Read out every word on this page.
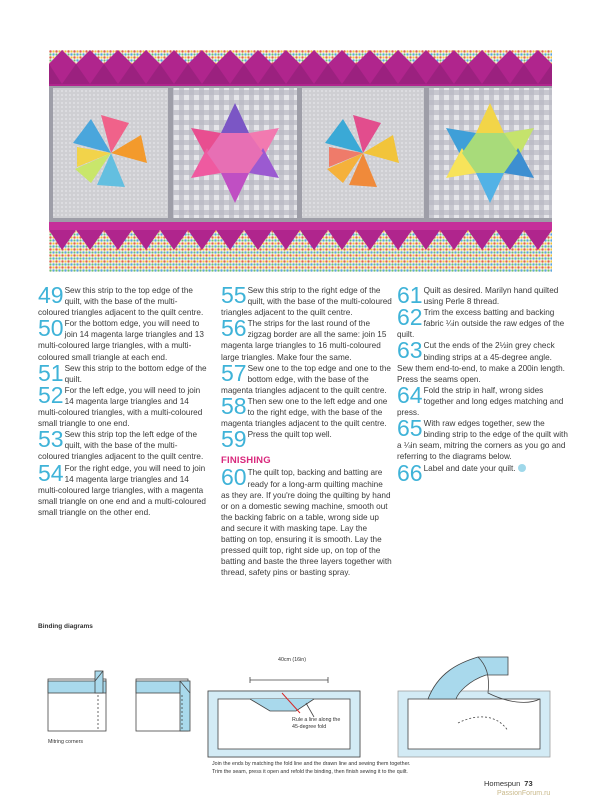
49 Sew this strip to the top edge of the quilt, with the base of the multi-coloured triangles adjacent to the quilt centre.

50 For the bottom edge, you will need to join 14 magenta large triangles and 13 multi-coloured large triangles, with a multi-coloured small triangle at each end.

51 Sew this strip to the bottom edge of the quilt.

52 For the left edge, you will need to join 14 magenta large triangles and 14 multi-coloured triangles, with a multi-coloured small triangle to one end.

53 Sew this strip top the left edge of the quilt, with the base of the multi-coloured triangles adjacent to the quilt centre.

54 For the right edge, you will need to join 14 magenta large triangles and 14 multi-coloured large triangles, with a magenta small triangle on one end and a multi-coloured small triangle on the other end.

55 Sew this strip to the right edge of the quilt, with the base of the multi-coloured triangles adjacent to the quilt centre.

56 The strips for the last round of the zigzag border are all the same: join 15 magenta large triangles to 16 multi-coloured large triangles. Make four the same.

57 Sew one to the top edge and one to the bottom edge, with the base of the magenta triangles adjacent to the quilt centre.

58 Then sew one to the left edge and one to the right edge, with the base of the magenta triangles adjacent to the quilt centre.

59 Press the quilt top well.

FINISHING

60 The quilt top, backing and batting are ready for a long-arm quilting machine as they are. If you're doing the quilting by hand or on a domestic sewing machine, smooth out the backing fabric on a table, wrong side up and secure it with masking tape. Lay the batting on top, ensuring it is smooth. Lay the pressed quilt top, right side up, on top of the batting and baste the three layers together with thread, safety pins or basting spray.

61 Quilt as desired. Marilyn hand quilted using Perle 8 thread.

62 Trim the excess batting and backing fabric ¼in outside the raw edges of the quilt.

63 Cut the ends of the 2½in grey check binding strips at a 45-degree angle. Sew them end-to-end, to make a 200in length. Press the seams open.

64 Fold the strip in half, wrong sides together and long edges matching and press.

65 With raw edges together, sew the binding strip to the edge of the quilt with a ¼in seam, mitring the corners as you go and referring to the diagrams below.

66 Label and date your quilt.

Binding diagrams
Mitring corners
40cm (16in)
Rule a line along the
45-degree fold
Join the ends by matching the fold line and the drawn line and sewing them together.
Trim the seam, press it open and refold the binding, then finish sewing it to the quilt.
Homespun 73
PassionForum.ru
